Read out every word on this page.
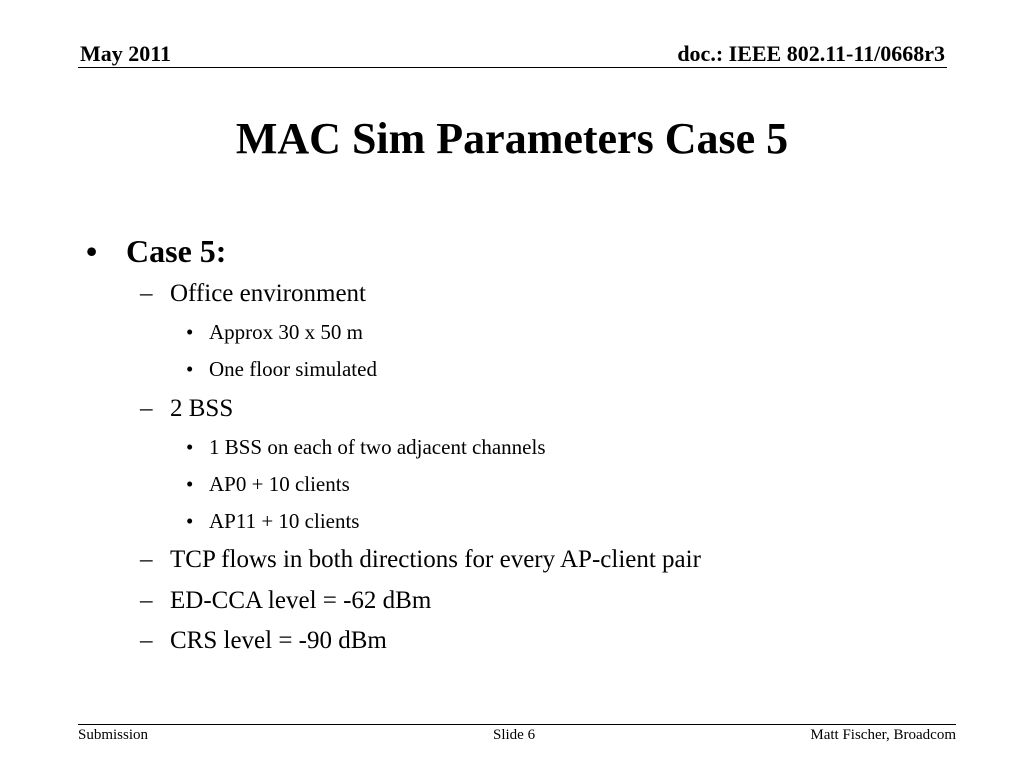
May 2011	doc.: IEEE 802.11-11/0668r3
MAC Sim Parameters Case 5
• Case 5:
– Office environment
• Approx 30 x 50 m
• One floor simulated
– 2 BSS
• 1 BSS on each of two adjacent channels
• AP0 + 10 clients
• AP11 + 10 clients
– TCP flows in both directions for every AP-client pair
– ED-CCA level = -62 dBm
– CRS level = -90 dBm
Submission	Slide 6	Matt Fischer, Broadcom
